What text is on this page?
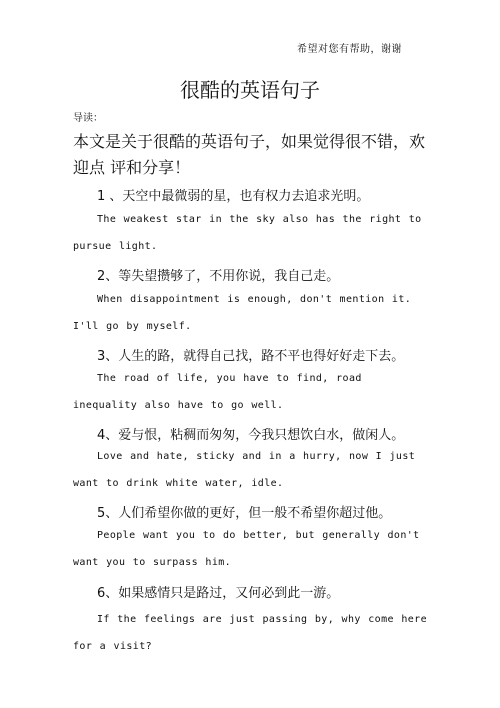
希望对您有帮助，谢谢
很酷的英语句子
导读：
本文是关于很酷的英语句子，如果觉得很不错，欢迎点 评和分享！
1 、天空中最微弱的星，也有权力去追求光明。
The weakest star in the sky also has the right to pursue light.
2、等失望攒够了，不用你说，我自己走。
When disappointment is enough, don't mention it. I'll go by myself.
3、人生的路，就得自己找，路不平也得好好走下去。
The road of life, you have to find, road inequality also have to go well.
4、爱与恨，粘稠而匆匆，今我只想饮白水，做闲人。
Love and hate, sticky and in a hurry, now I just want to drink white water, idle.
5、人们希望你做的更好，但一般不希望你超过他。
People want you to do better, but generally don't want you to surpass him.
6、如果感情只是路过，又何必到此一游。
If the feelings are just passing by, why come here for a visit?
